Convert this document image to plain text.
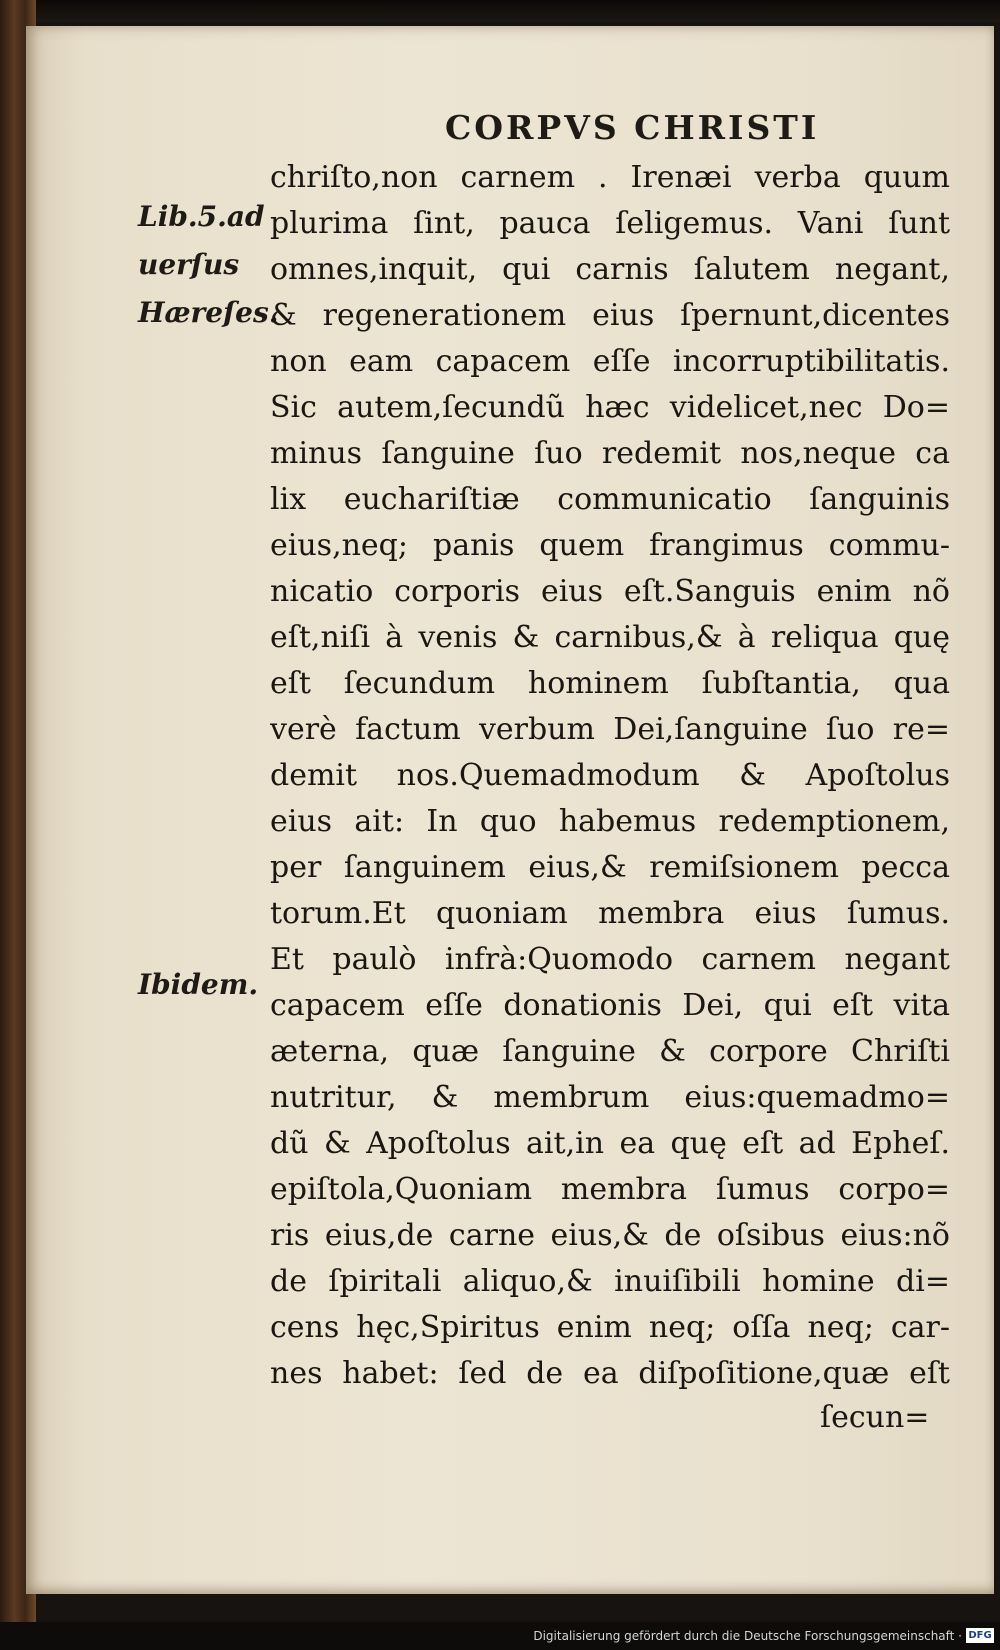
CORPVS CHRISTI
Lib.5.ad
uerſus
Hæreſes.
Ibidem.
chriſto,non carnem . Irenæi verba quum
plurima ſint, pauca ſeligemus. Vani ſunt
omnes,inquit, qui carnis ſalutem negant,
& regenerationem eius ſpernunt,dicentes
non eam capacem eſſe incorruptibilitatis.
Sic autem,ſecundũ hæc videlicet,nec Do=
minus ſanguine ſuo redemit nos,neque ca
lix euchariſtiæ communicatio ſanguinis
eius,neq; panis quem frangimus commu-
nicatio corporis eius eſt.Sanguis enim nõ
eſt,niſi à venis & carnibus,& à reliqua quę
eſt ſecundum hominem ſubſtantia, qua
verè factum verbum Dei,ſanguine ſuo re=
demit nos.Quemadmodum & Apoſtolus
eius ait: In quo habemus redemptionem,
per ſanguinem eius,& remiſsionem pecca
torum.Et quoniam membra eius ſumus.
Et paulò infrà:Quomodo carnem negant
capacem eſſe donationis Dei, qui eſt vita
æterna, quæ ſanguine & corpore Chriſti
nutritur, & membrum eius:quemadmo=
dũ & Apoſtolus ait,in ea quę eſt ad Epheſ.
epiſtola,Quoniam membra ſumus corpo=
ris eius,de carne eius,& de oſsibus eius:nõ
de ſpiritali aliquo,& inuiſibili homine di=
cens hęc,Spiritus enim neq; oſſa neq; car-
nes habet: ſed de ea diſpoſitione,quæ eſt
ſecun=
Digitalisierung gefördert durch die Deutsche Forschungsgemeinschaft · DFG
